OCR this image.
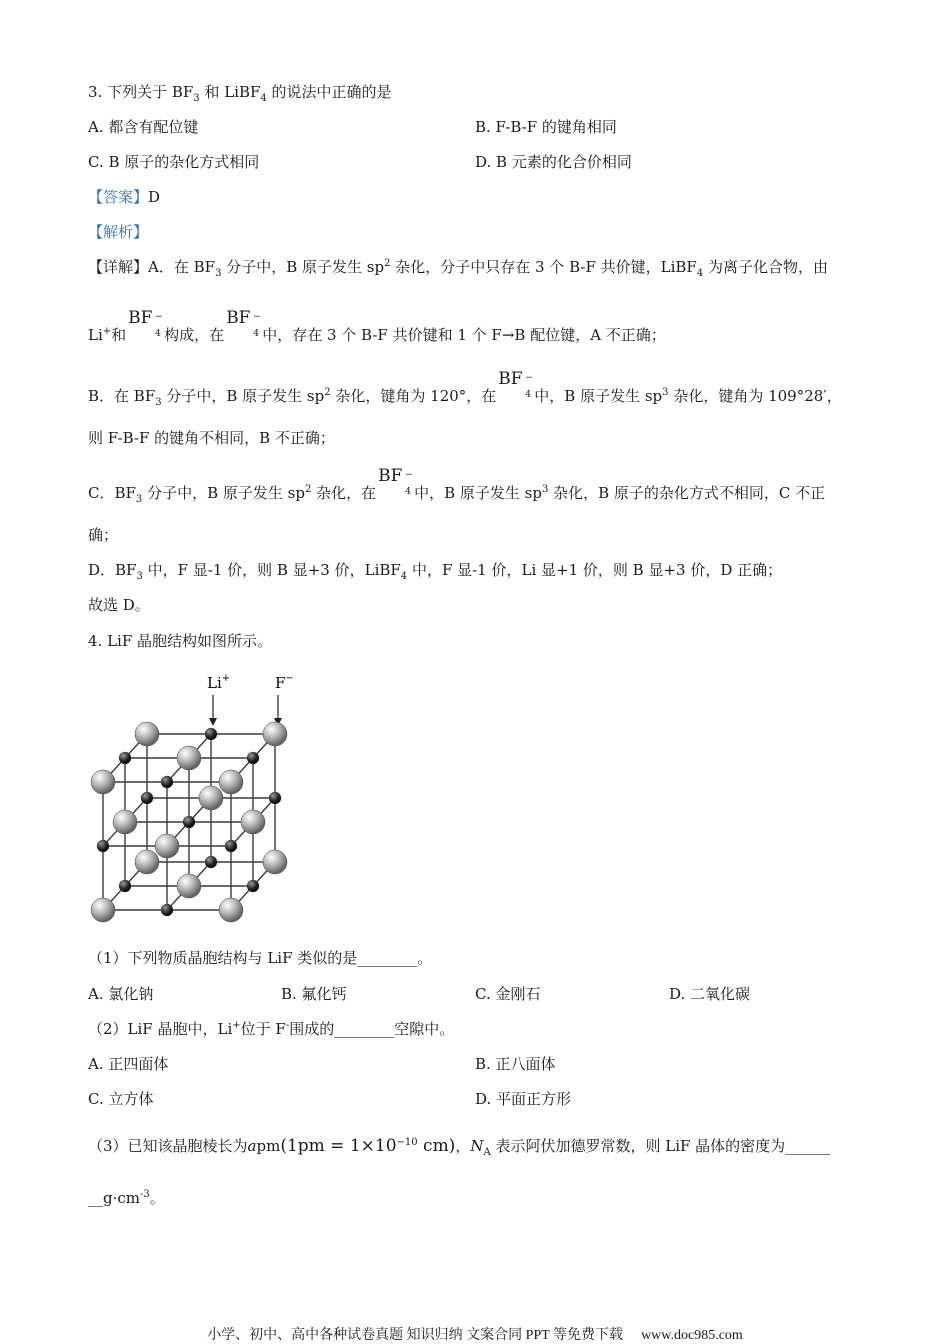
3. 下列关于 $BF_3$ 和 LiBF$_4$ 的说法中正确的是
A. 都含有配位键	B. F-B-F 的键角相同
C. B 原子的杂化方式相同	D. B 元素的化合价相同
【答案】D
【解析】
【详解】A．在 $BF_3$ 分子中，B 原子发生 $sp^2$ 杂化，分子中只存在 3 个 B-F 共价键，LiBF$_4$ 为离子化合物，由
Li+和
BF −
4 构成，在
BF −
4 中，存在 3 个 B-F 共价键和 1 个 F→B 配位键，A 不正确；
B．在 $BF_3$ 分子中，B 原子发生 $sp^2$ 杂化，键角为 120°，在
BF −
4 中，B 原子发生 $sp^3$ 杂化，键角为 109°28′，
则 F-B-F 的键角不相同，B 不正确；
C．$BF_3$ 分子中，B 原子发生 $sp^2$ 杂化，在
BF −
4 中，B 原子发生 $sp^3$ 杂化，B 原子的杂化方式不相同，C 不正
确；
D．$BF_3$ 中，F 显-1 价，则 B 显+3 价，LiBF$_4$ 中，F 显-1 价，Li 显+1 价，则 B 显+3 价，D 正确；
故选 D。
4. LiF 晶胞结构如图所示。
Li+	F−
（1）下列物质晶胞结构与 LiF 类似的是________。
A. 氯化钠	B. 氟化钙	C. 金刚石	D. 二氧化碳
（2）LiF 晶胞中，Li+位于 F-围成的________空隙中。
A. 正四面体	B. 正八面体
C. 立方体	D. 平面正方形
（3）已知该晶胞棱长为$apm(1pm = 1\times 10^{-10}$ cm)，$N_A$ 表示阿伏加德罗常数，则 LiF 晶体的密度为______
$\_\_g\cdot cm^{-3}$。
小学、初中、高中各种试卷真题 知识归纳 文案合同 PPT 等免费下载 www.doc985.com
